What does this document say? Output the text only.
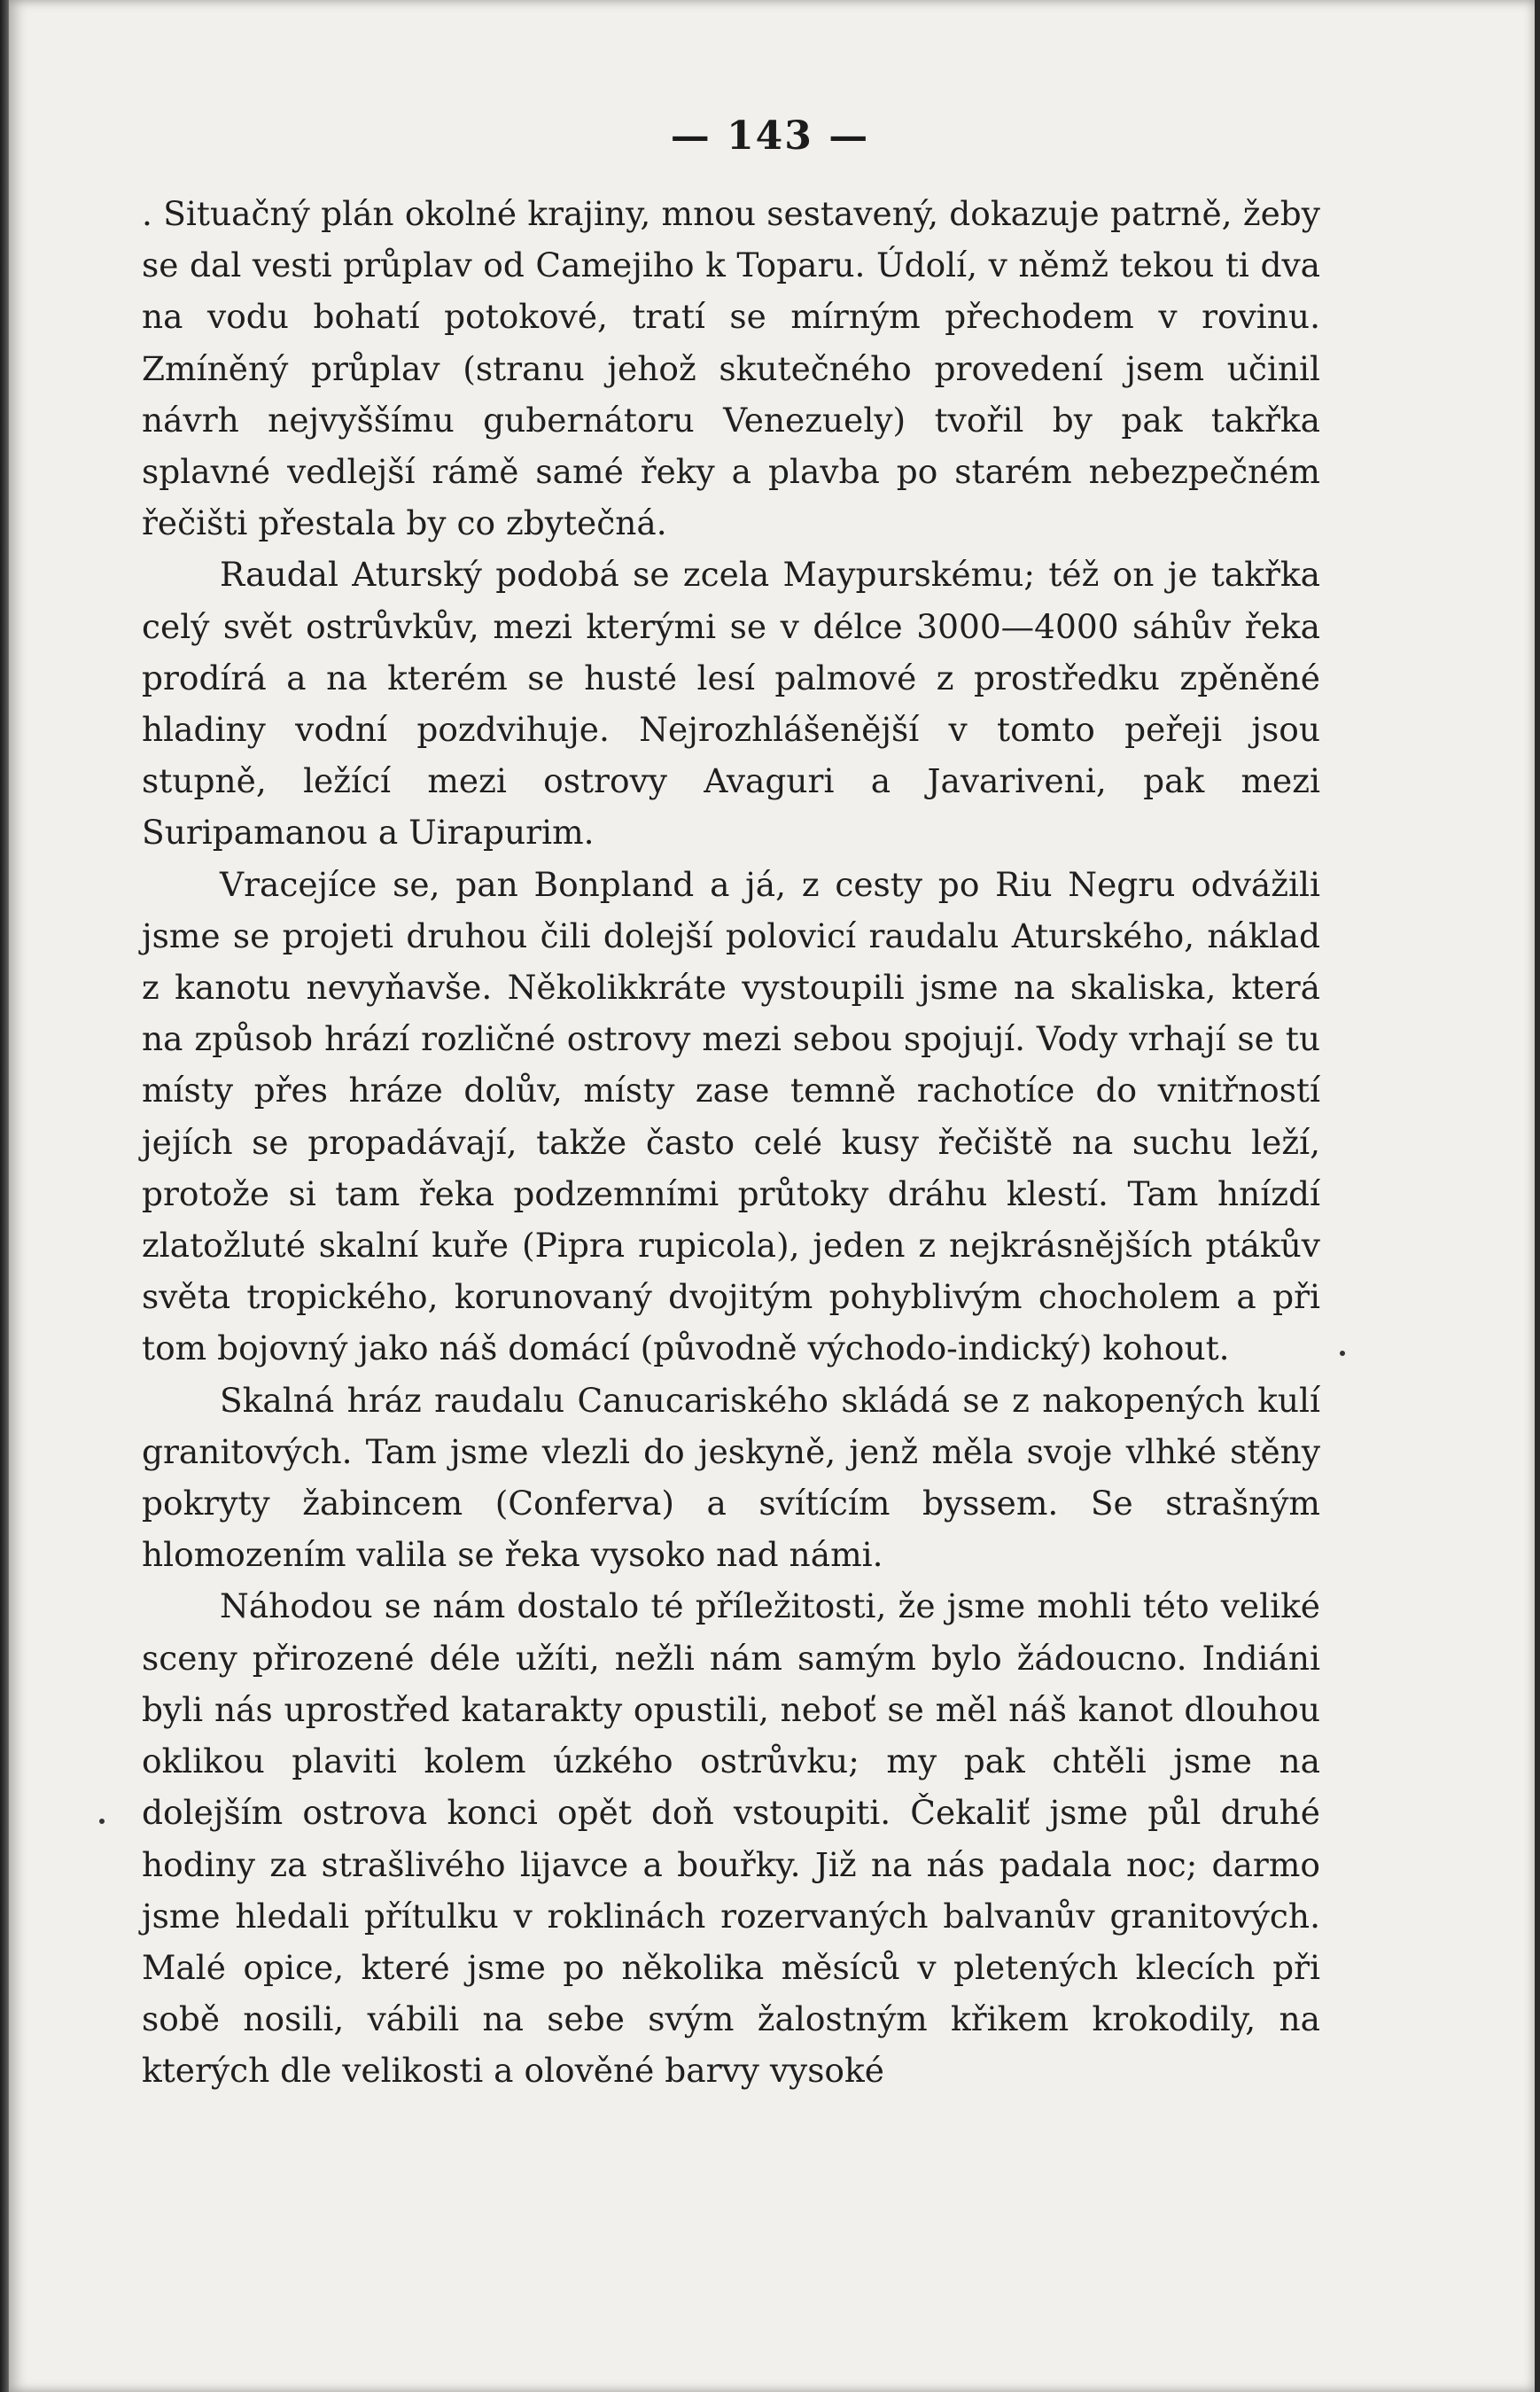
— 143 —

. Situačný plán okolné krajiny, mnou sestavený, dokazuje patrně, žeby se dal vesti průplav od Camejiho k Toparu. Údolí, v němž tekou ti dva na vodu bohatí potokové, tratí se mírným přechodem v rovinu. Zmíněný průplav (stranu jehož skutečného provedení jsem učinil návrh nejvyššímu gubernátoru Venezuely) tvořil by pak takřka splavné vedlejší rámě samé řeky a plavba po starém nebezpečném řečišti přestala by co zbytečná.

Raudal Aturský podobá se zcela Maypurskému; též on je takřka celý svět ostrůvkův, mezi kterými se v délce 3000—4000 sáhův řeka prodírá a na kterém se husté lesí palmové z prostředku zpěněné hladiny vodní pozdvihuje. Nejrozhlášenější v tomto peřeji jsou stupně, ležící mezi ostrovy Avaguri a Javariveni, pak mezi Suripamanou a Uirapurim.

Vracejíce se, pan Bonpland a já, z cesty po Riu Negru odvážili jsme se projeti druhou čili dolejší polovicí raudalu Aturského, náklad z kanotu nevyňavše. Několikkráte vystoupili jsme na skaliska, která na způsob hrází rozličné ostrovy mezi sebou spojují. Vody vrhají se tu místy přes hráze dolův, místy zase temně rachotíce do vnitřností jejích se propadávají, takže často celé kusy řečiště na suchu leží, protože si tam řeka podzemními průtoky dráhu klestí. Tam hnízdí zlatožluté skalní kuře (Pipra rupicola), jeden z nejkrásnějších ptákův světa tropického, korunovaný dvojitým pohyblivým chocholem a při tom bojovný jako náš domácí (původně východo-indický) kohout.

Skalná hráz raudalu Canucariského skládá se z nakopených kulí granitových. Tam jsme vlezli do jeskyně, jenž měla svoje vlhké stěny pokryty žabincem (Conferva) a svítícím byssem. Se strašným hlomozením valila se řeka vysoko nad námi.

Náhodou se nám dostalo té příležitosti, že jsme mohli této veliké sceny přirozené déle užíti, nežli nám samým bylo žádoucno. Indiáni byli nás uprostřed katarakty opustili, neboť se měl náš kanot dlouhou oklikou plaviti kolem úzkého ostrůvku; my pak chtěli jsme na dolejším ostrova konci opět doň vstoupiti. Čekaliť jsme půl druhé hodiny za strašlivého lijavce a bouřky. Již na nás padala noc; darmo jsme hledali přítulku v roklinách rozervaných balvanův granitových. Malé opice, které jsme po několika měsíců v pletených klecích při sobě nosili, vábili na sebe svým žalostným křikem krokodily, na kterých dle velikosti a olověné barvy vysoké
